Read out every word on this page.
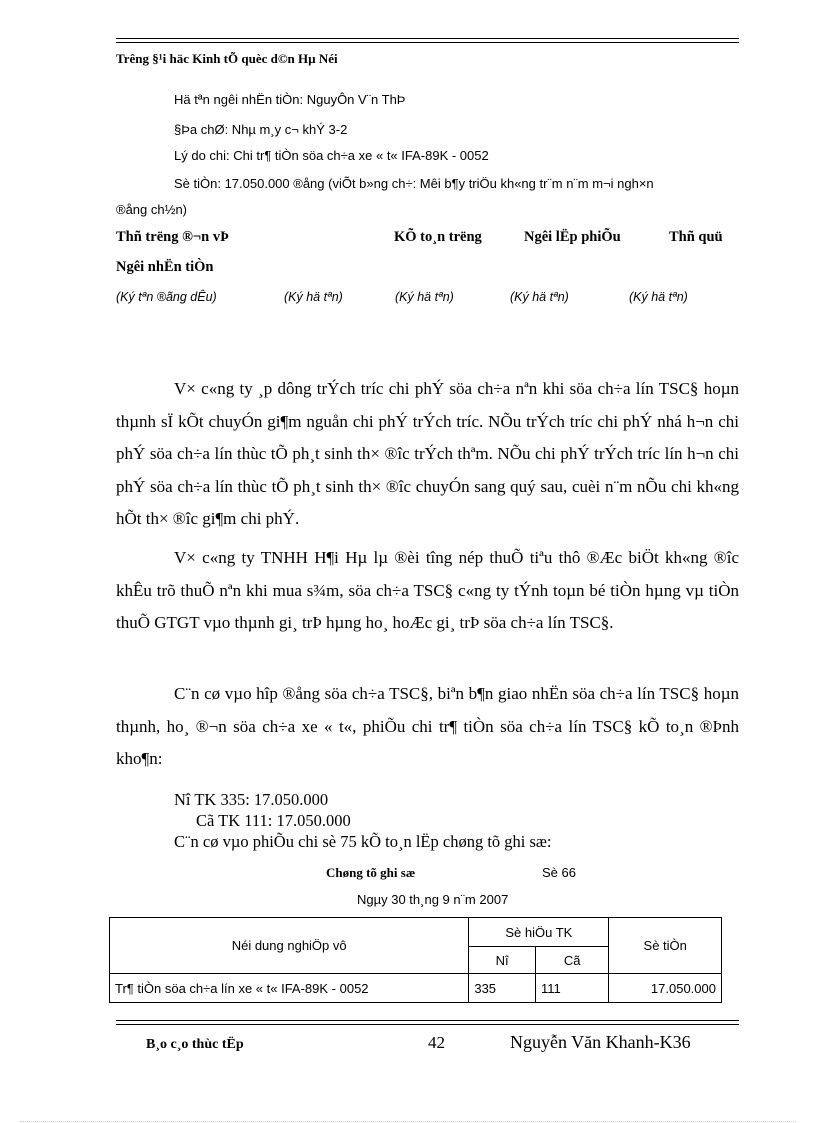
Trêng §¹i häc Kinh tÕ quèc d©n Hµ Néi
Hä tªn ngêi nhËn tiÒn: NguyÔn V¨n ThÞ
§Þa chØ: Nhµ m¸y c¬ khÝ 3-2
Lý do chi: Chi tr¶ tiÒn söa ch÷a xe « t« IFA-89K - 0052
Sè tiÒn: 17.050.000 ®ång (viÕt b»ng ch÷: Mêi b¶y triÖu kh«ng tr¨m n¨m m¬i ngh×n
®ång ch½n)
Thñ trëng ®¬n vÞ	KÕ to¸n trëng	Ngêi lËp phiÕu	Thñ quü
Ngêi nhËn tiÒn
(Ký tªn ®ãng dÊu)	(Ký hä tªn)	(Ký hä tªn)	(Ký hä tªn)	(Ký hä tªn)
V× c«ng ty ¸p dông trÝch tríc chi phÝ söa ch÷a nªn khi söa ch÷a lín TSC§ hoµn thµnh sÏ kÕt chuyÓn gi¶m nguån chi phÝ trÝch tríc. NÕu trÝch tríc chi phÝ nhá h¬n chi phÝ söa ch÷a lín thùc tÕ ph¸t sinh th× ®îc trÝch thªm. NÕu chi phÝ trÝch tríc lín h¬n chi phÝ söa ch÷a lín thùc tÕ ph¸t sinh th× ®îc chuyÓn sang quý sau, cuèi n¨m nÕu chi kh«ng hÕt th× ®îc gi¶m chi phÝ.
V× c«ng ty TNHH H¶i Hµ lµ ®èi tîng nép thuÕ tiªu thô ®Æc biÖt kh«ng ®îc khÊu trõ thuÕ nªn khi mua s¾m, söa ch÷a TSC§ c«ng ty tÝnh toµn bé tiÒn hµng vµ tiÒn thuÕ GTGT vµo thµnh gi¸ trÞ hµng ho¸ hoÆc gi¸ trÞ söa ch÷a lín TSC§.
C¨n cø vµo hîp ®ång söa ch÷a TSC§, biªn b¶n giao nhËn söa ch÷a lín TSC§ hoµn thµnh, ho¸ ®¬n söa ch÷a xe « t«, phiÕu chi tr¶ tiÒn söa ch÷a lín TSC§ kÕ to¸n ®Þnh kho¶n:
Nî TK 335: 17.050.000
Cã TK 111: 17.050.000
C¨n cø vµo phiÕu chi sè 75 kÕ to¸n lËp chøng tõ ghi sæ:
Chøng tõ ghi sæ	Sè 66
Ngµy 30 th¸ng 9 n¨m 2007
Néi dung nghiÖp vô	Sè hiÖu TK		Sè tiÒn
	Nî	Cã	
Tr¶ tiÒn söa ch÷a lín xe « t« IFA-89K - 0052	335	111	17.050.000
B¸o c¸o thùc tËp	42	Nguyễn Văn Khanh-K36
